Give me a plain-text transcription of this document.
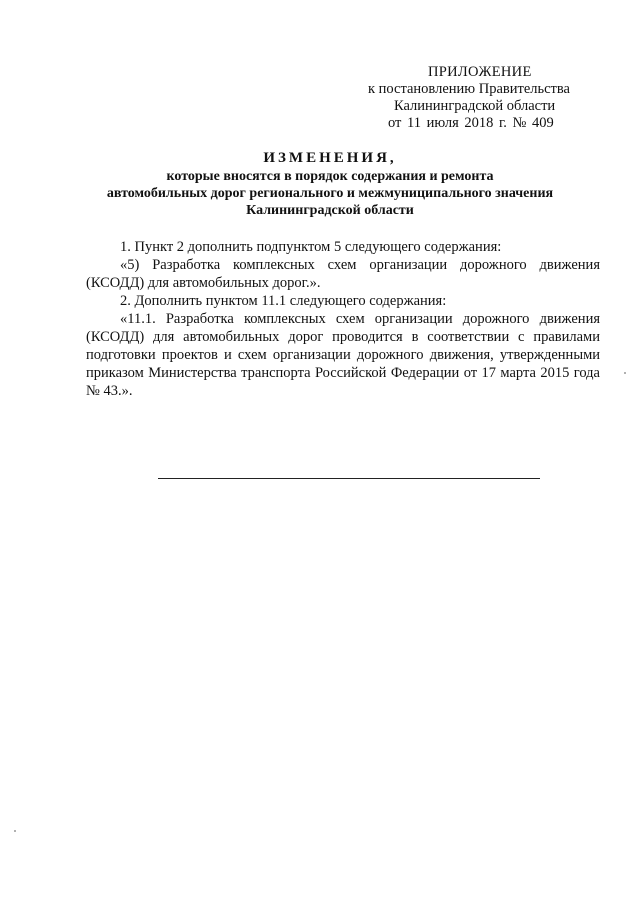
ПРИЛОЖЕНИЕ
к постановлению Правительства
Калининградской области
от 11 июля 2018 г. № 409
ИЗМЕНЕНИЯ,
которые вносятся в порядок содержания и ремонта
автомобильных дорог регионального и межмуниципального значения
Калининградской области

1. Пункт 2 дополнить подпунктом 5 следующего содержания:

«5) Разработка комплексных схем организации дорожного движения (КСОДД) для автомобильных дорог.».

2. Дополнить пунктом 11.1 следующего содержания:

«11.1. Разработка комплексных схем организации дорожного движения (КСОДД) для автомобильных дорог проводится в соответствии с правилами подготовки проектов и схем организации дорожного движения, утвержденными приказом Министерства транспорта Российской Федерации от 17 марта 2015 года № 43.».
